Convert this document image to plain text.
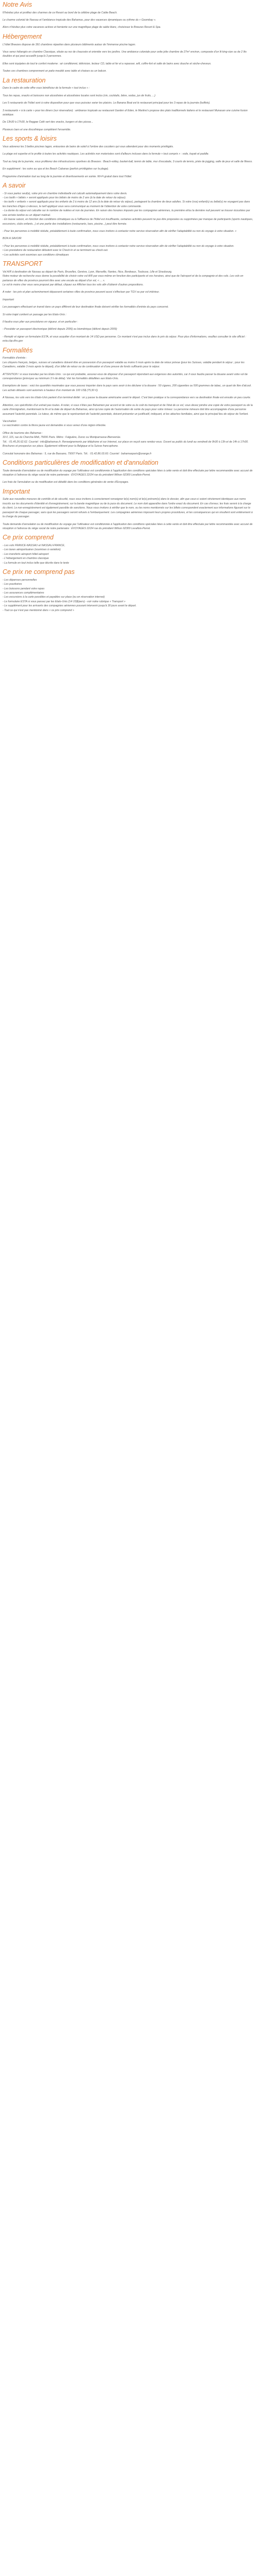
Notre Avis

N'hésitez plus et profitez des charmes de ce Resort au bord de la célèbre plage de Cable Beach.

Le charme colonial de Nassau et l'ambiance tropicale des Bahamas, pour des vacances dynamiques ou rythme du « Goombay ».

Alors n'hésitez plus votre vacances actives et farniente sur une magnifique plage de sable blanc, choisissez le Breezes Resort & Spa.

Hébergement

L'hôtel Breezes dispose de 391 chambres réparties dans plusieurs bâtiments autour de l'immense piscine lagon.

Vous serez hébergés en chambre Classique, située au rez de chaussée et orientée vers les jardins. Une ambiance coloniale pour cette jolie chambre de 27m² environ, composée d'un lit king-size ou de 2 lits doubles et qui peut accueillir jusqu'à 3 personnes.

Elles sont équipées de tout le confort moderne : air conditionné, télévision, lecteur CD, table et fer et a repasser, wifi, coffre-fort et salle de bains avec douche et sèche-cheveux.

Toutes ces chambres comprennent un patio meublé avec table et chaises ou un balcon.

La restauration

Dans le cadre de cette offre vous bénéficiez de la formule « tout inclus » :

Tous les repas, snacks et boissons non alcoolisées et alcoolisées locales sont inclus (vin, cocktails, bière, sodas, jus de fruits, ...)

Les 5 restaurants de l'hôtel sont à votre disposition pour que vous puissiez varier les plaisirs. Le Banana Boat est le restaurant principal pour les 3 repas de la journée (buffets).

3 restaurants « à la carte » pour les diners (sur réservation) : ambiance tropicale au restaurant Garden of Eden, le Martino's propose des plats traditionnels italiens et le restaurant Munasan une cuisine fusion asiatique.

De 13h30 à 17h30, le Reggae Café sert des snacks, burgers et des pizzas...

Plusieurs bars et une discothèque complètent l'ensemble.

Les sports & loisirs

Vous adorerez les 3 belles piscines lagon, entourées de bains de soleil à l'ombre des cocotiers qui vous attendent pour des moments privilégiés.

La plage est superbe et le profite à toutes les activités nautiques. Les activités non motorisées sont d'ailleurs incluses dans la formule « tout compris » : voile, kayak et paddle.

Tout au long de la journée, vous profiterez des infrastructures sportives du Breezes : Beach-volley, basket-ball, tennis de table, mur d'escalade, 3 courts de tennis, piste de jogging, salle de jeux et salle de fitness.

En supplément : les soins au spa et les Beach Cabanas (parfois privilégiées sur la plage).

Programme d'animation tout au long de la journée et divertissements en soirée. Wi-Fi gratuit dans tout l'hôtel.

A savoir

- Si vous partez seul(e), votre prix en chambre individuelle est calculé automatiquement dans votre devis.
- Les lastfs « bébés » seront appliqués pour les bébés de moins de 2 ans (à la date de retour du séjour).
- les tarifs « enfants » seront appliqués pour les enfants de 2 à moins de 12 ans (à la date de retour du séjour), partageant la chambre de deux adultes. Si votre (vos) enfant(s) ou bébé(s) ne voyagent pas dans les tranches d'âges ci-dessus, le tarif appliqué vous sera communiqué au moment de l'obtention de votre commande.
- La durée du séjour est calculée sur le nombre de nuitées et non de journées. En raison des horaires imposés par les compagnies aériennes, la première et/ou la dernière nuit peuvent se trouver écourtées par une arrivée tardive ou un départ matinal.
- En basse saison, en fonction des conditions climatiques ou à l'affluence de l'hôtel est insuffisante, certaines activités peuvent ne pas être proposées ou supprimées par manque de participants (sports nautiques, excursions, clubs enfants...) et une partie des installations (restaurants, bars, piscine...) peut être fermée.

- Pour les personnes à mobilité réduite, préalablement à toute confirmation, nous vous invitons à contacter notre service réservation afin de vérifier l'adaptabilité ou non du voyage à votre situation. »

BON A SAVOIR

• Pour les personnes à mobilité réduite, préalablement à toute confirmation, nous vous invitons à contacter notre service réservation afin de vérifier l'adaptabilité ou non du voyage à votre situation.
• Les prestations de restauration débutent avec le Check-In et se terminent au check-out.
• Les activités sont soumises aux conditions climatiques

TRANSPORT

Vol A/R à destination de Nassau au départ de Paris, Bruxelles, Genève, Lyon, Marseille, Nantes, Nice, Bordeaux, Toulouse, Lille et Strasbourg.
Notre moteur de recherche vous donne la possibilité de choisir votre vol A/R par vous-même en fonction des participants et vos horaires, ainsi que de l'aéroport et de la compagnie et des vols. Les vols en partance de villes de province pourront être avec une escale au départ d'un vol, « ... ».
Le vol le moins cher vous sera proposé par défaut, cliquez sur Afficher tous les vols afin d'obtenir d'autres propositions.

A noter : les prix et plan acheminement dépassent certaines villes de province peuvent aussi s'effectuer par TGV ou par vol intérieur.

Important

Les passagers effectuant un transit dans un pays différent de leur destination finale doivent vérifier les formalités d'entrée du pays concerné.

Si votre trajet contient un passage par les Etats-Unis :

Il faudra vous plier aux procédures en vigueur, et en particulier :

- Posséder un passeport électronique (délivré depuis 2006) ou biométrique (délivré depuis 2009)

- Remplir et signer un formulaire ESTA, et vous acquitter d'un montant de 14 USD par personne. Ce montant n'est pas inclus dans le prix du séjour. Pour plus d'informations, veuillez consulter le site officiel : esta.cbp.dhs.gov

Formalités

Formalités d'entrée :
Les citoyens français, belges, suisses et canadiens doivent être en possession d'un passeport valable au moins 6 mois après la date de retour prévue (pour les Suisses, valable pendant le séjour ; pour les Canadiens, valable 3 mois après le départ), d'un billet de retour ou de continuation et d'une preuve de fonds suffisants pour le séjour.

ATTENTION ! si vous transitez par les Etats-Unis : ce qui est probable, assurez-vous de disposer d'un passeport répondant aux exigences des autorités, car il vous faudra passer la douane avant votre vol de correspondance (prévoyez au minimum 3 h de délai). Voir les formalités détaillées aux Etats-Unis.

Exemptions de taxes : voici les quantités maximales que vous pouvez importer dans le pays sans avoir à les déclarer à la douane : 50 cigares, 200 cigarettes ou 500 grammes de tabac, un quart de litre d'alcool. Les achats détaxés sont autorisés à hauteur d'un montant de 100 US$ (75,50 €).

A Nassau, les vols vers les Etats-Unis partent d'un terminal dédié : on y passe la douane américaine avant le départ. C'est bien pratique si la correspondance vers sa destination finale est ensuite un peu courte.

Attention, ces spécificités d'un extrait pas toutes. A noter, si vous n'êtes pas Bahamien par accord et de votre ou le coût du transport et de l'état de ce vol, vous devez joindre une copie de votre passeport ou de la carte d'immigration, mentionnant la fin et la date de départ du Bahamas, ainsi qu'une copie de l'autorisation de sortie du pays pour votre mineur. La personne mineure doit être accompagnée d'une personne assumant l'autorité parentale. Le tuteur, de même que le représentant de l'autorité parentale, doivent présenter un justificatif, indiquant, et les attaches familiales, ainsi que le principal lieu de séjour de l'enfant.

Vaccination
La vaccination contre la fièvre jaune est demandée si vous venez d'une région infectée.

Office de tourisme des Bahamas :
33 F, 115, rue du Cherche-Midi, 75006 Paris. Métro : Falguière, Duroc ou Montparnasse-Bienvenüe.
Tél. : 01.45.26.62.62. Courriel : info@bahamas.fr. Renseignements par téléphone et sur Internet, sur place on reçoit sans rendez-vous. Ouvert au public du lundi au vendredi de 9h30 à 13h et de 14h à 17h30.
Brochures et prospectus sur place. Également référent pour la Belgique et la Suisse francophone.

Consulat honoraire des Bahamas : 5, rue de Bassano, 75007 Paris. Tél. : 01.42.86.03.60. Courriel : bahamasparis@orange.fr

Conditions particulières de modification et d'annulation

Toute demande d'annulation ou de modification du voyage par l'utilisateur est conditionnée à l'application des conditions spéciales liées à cette vente et doit être effectuée par lettre recommandée avec accusé de réception à l'adresse du siège social de notre partenaire : ÉVOYAGES 22/24 rue du président Wilson 92300 Levallois-Perret.

Les frais de l'annulation ou de modification est détaillé dans les conditions générales de vente d'Evoyages.

Important

Suite aux nouvelles mesures de contrôle et de sécurité, nous vous invitons à correctement renseigner le(s) nom(s) et le(s) prénom(s) dans le dossier, afin que ceux-ci soient strictement identiques aux noms inscrits sur les documents d'identité et d'enregistrement, sur la bande magnétique ou de la puce du document. Le nom doit apparaître dans l'ordre exact du document. En cas d'erreur, les frais seront à la charge du client. Le non-enregistrement est également passible de sanctions. Nous vous invitons à vérifier que le nom, ou les noms mentionnés sur les billets correspondent exactement aux informations figurant sur le passeport de chaque passager, sans quoi les passagers seront refusés à l'embarquement. Les compagnies aériennes imposent leurs propres procédures, et les conséquences qui en résultent sont entièrement à la charge du passager.

Toute demande d'annulation ou de modification du voyage par l'utilisateur est conditionnée à l'application des conditions spéciales liées à cette vente et doit être effectuée par lettre recommandée avec accusé de réception à l'adresse du siège social de notre partenaire : ÉVOYAGES 22/24 rue du président Wilson 92300 Levallois-Perret.

Ce prix comprend

- Les vols FRANCE-NASSAU et NASSAU-FRANCE,
- Les taxes aéroportuaires (soumises à variation)
- Les transferts aéroport-hôtel-aéroport
- L'hébergement en chambre classique
- La formule en tout inclus telle que décrite dans le texte

Ce prix ne comprend pas

- Les dépenses personnelles
- Les pourboires
- Les boissons pendant votre repas
- Les assurances complémentaires
- Les excursions à la carte possibles et payables sur place (ou en réservation internet)
- Le formulaire ESTA si vous passez par les Etats-Unis (14 US$/pers) - voir notre rubrique « Transport »
- Le supplément pour les arrivants des compagnies aériennes pouvant intervenir jusqu'à 30 jours avant le départ.
- Tout ce qui n'est pas mentionné dans « ce prix comprend »
